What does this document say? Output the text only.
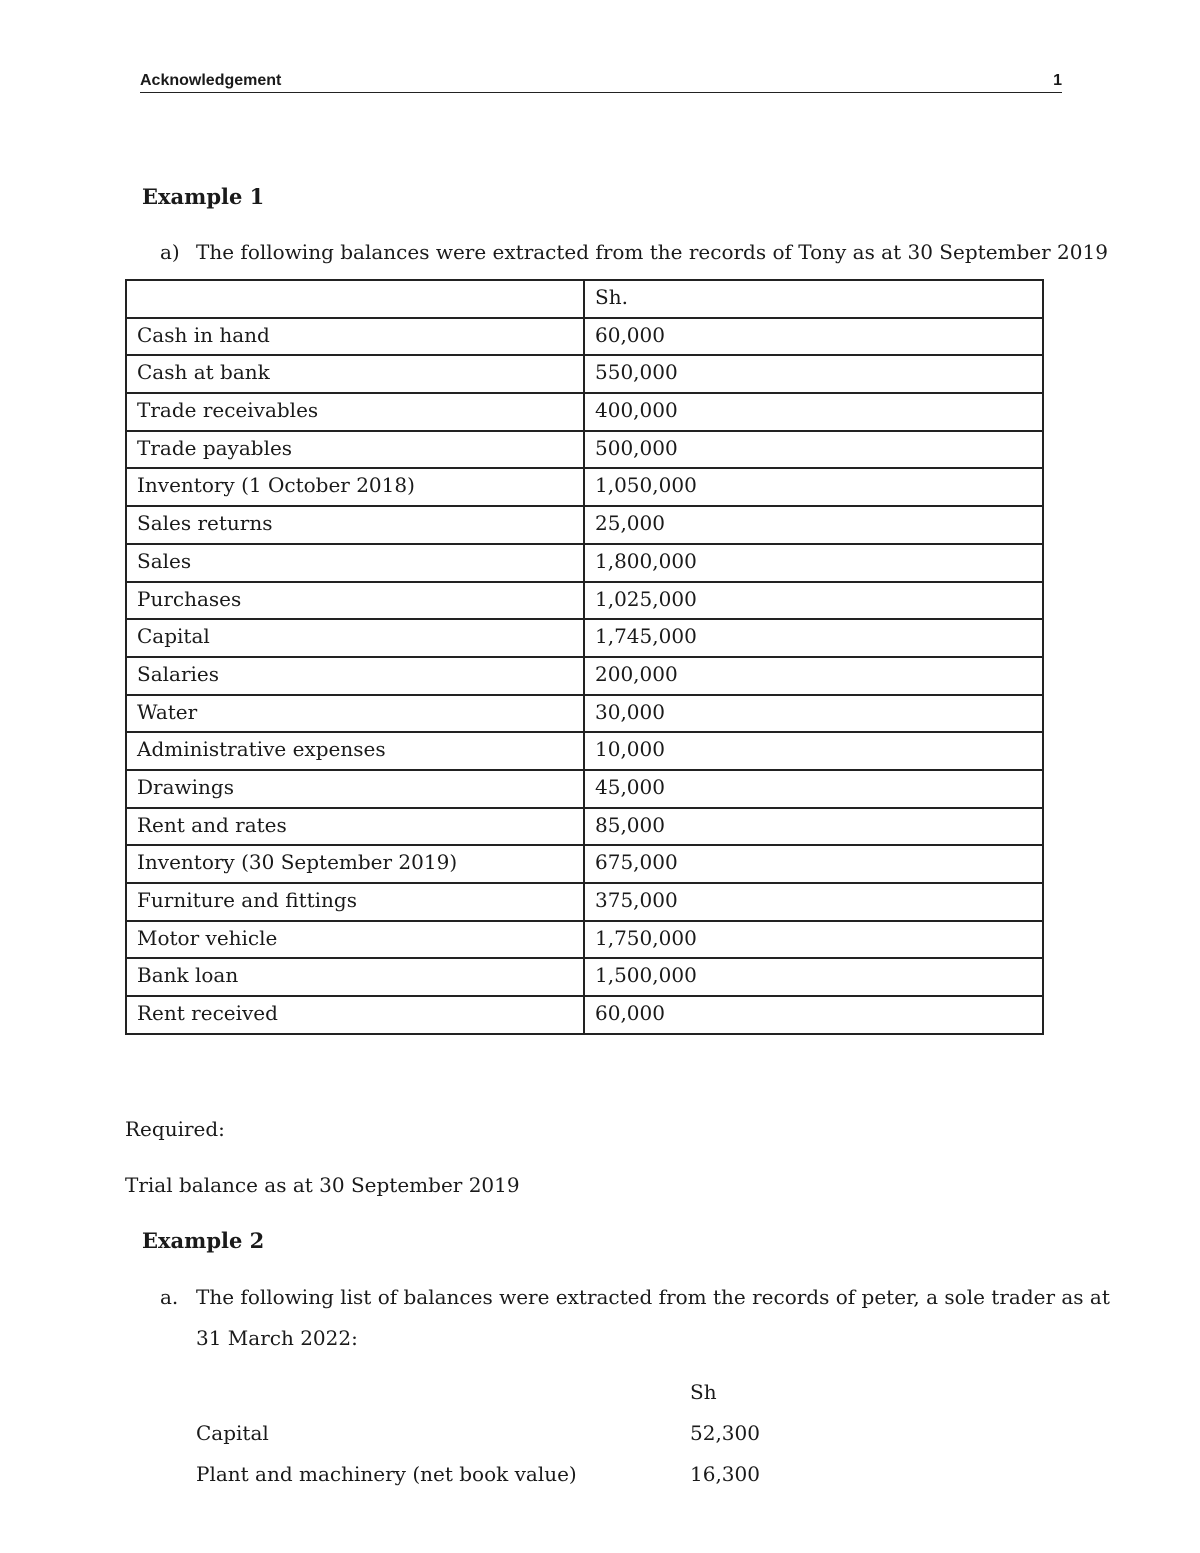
Acknowledgement	1
Example 1
a) The following balances were extracted from the records of Tony as at 30 September 2019
	Sh.
Cash in hand	60,000
Cash at bank	550,000
Trade receivables	400,000
Trade payables	500,000
Inventory (1 October 2018)	1,050,000
Sales returns	25,000
Sales	1,800,000
Purchases	1,025,000
Capital	1,745,000
Salaries	200,000
Water	30,000
Administrative expenses	10,000
Drawings	45,000
Rent and rates	85,000
Inventory (30 September 2019)	675,000
Furniture and fittings	375,000
Motor vehicle	1,750,000
Bank loan	1,500,000
Rent received	60,000
Required:
Trial balance as at 30 September 2019
Example 2
a. The following list of balances were extracted from the records of peter, a sole trader as at
31 March 2022:
Sh
Capital	52,300
Plant and machinery (net book value)	16,300
